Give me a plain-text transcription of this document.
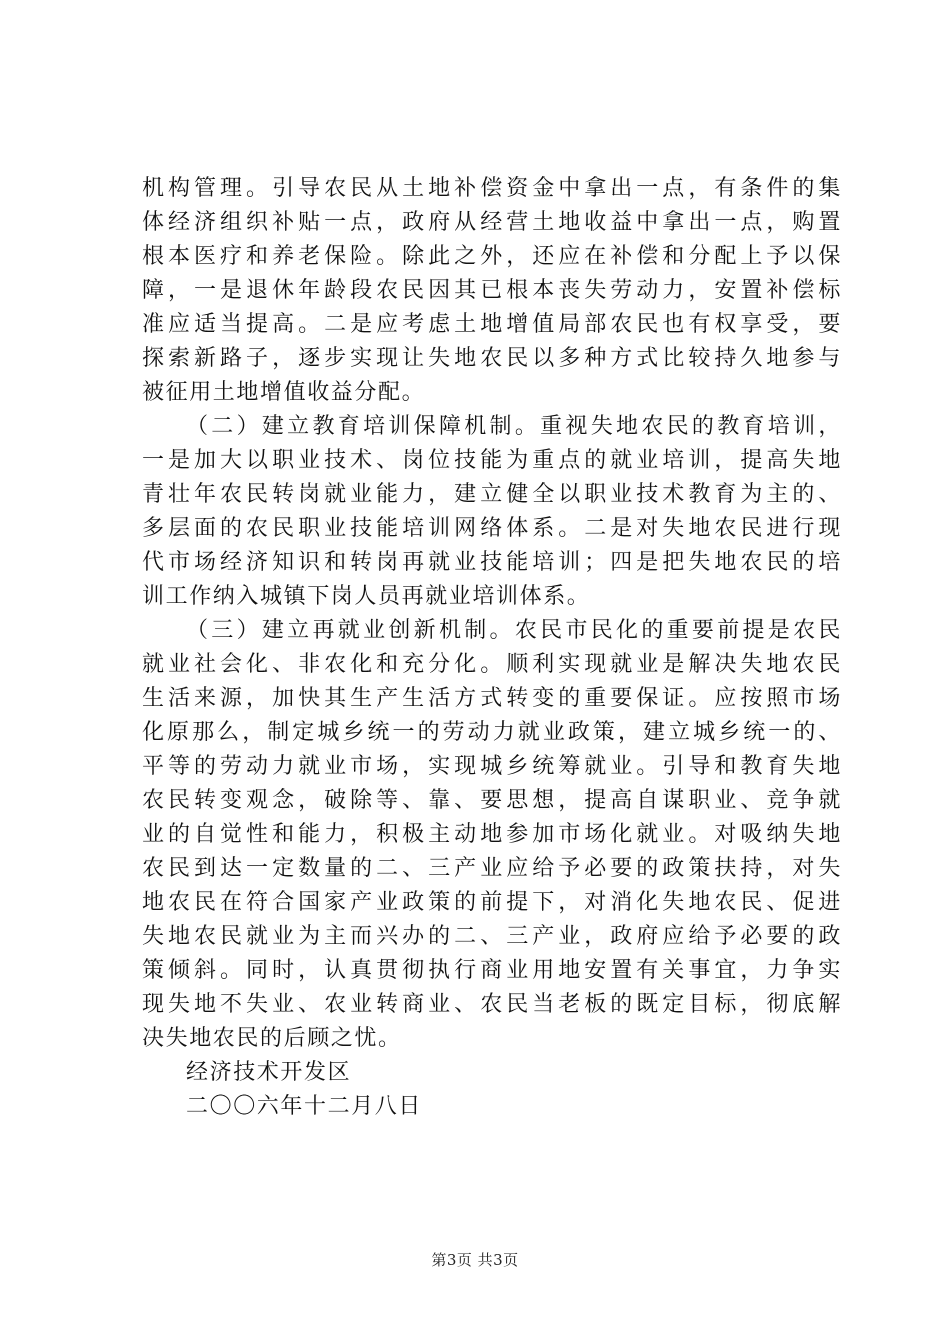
机构管理。引导农民从土地补偿资金中拿出一点，有条件的集
体经济组织补贴一点，政府从经营土地收益中拿出一点，购置
根本医疗和养老保险。除此之外，还应在补偿和分配上予以保
障，一是退休年龄段农民因其已根本丧失劳动力，安置补偿标
准应适当提高。二是应考虑土地增值局部农民也有权享受，要
探索新路子，逐步实现让失地农民以多种方式比较持久地参与
被征用土地增值收益分配。
（二）建立教育培训保障机制。重视失地农民的教育培训，
一是加大以职业技术、岗位技能为重点的就业培训，提高失地
青壮年农民转岗就业能力，建立健全以职业技术教育为主的、
多层面的农民职业技能培训网络体系。二是对失地农民进行现
代市场经济知识和转岗再就业技能培训；四是把失地农民的培
训工作纳入城镇下岗人员再就业培训体系。
（三）建立再就业创新机制。农民市民化的重要前提是农民
就业社会化、非农化和充分化。顺利实现就业是解决失地农民
生活来源，加快其生产生活方式转变的重要保证。应按照市场
化原那么，制定城乡统一的劳动力就业政策，建立城乡统一的、
平等的劳动力就业市场，实现城乡统筹就业。引导和教育失地
农民转变观念，破除等、靠、要思想，提高自谋职业、竞争就
业的自觉性和能力，积极主动地参加市场化就业。对吸纳失地
农民到达一定数量的二、三产业应给予必要的政策扶持，对失
地农民在符合国家产业政策的前提下，对消化失地农民、促进
失地农民就业为主而兴办的二、三产业，政府应给予必要的政
策倾斜。同时，认真贯彻执行商业用地安置有关事宜，力争实
现失地不失业、农业转商业、农民当老板的既定目标，彻底解
决失地农民的后顾之忧。
经济技术开发区
二〇〇六年十二月八日
第3页 共3页
